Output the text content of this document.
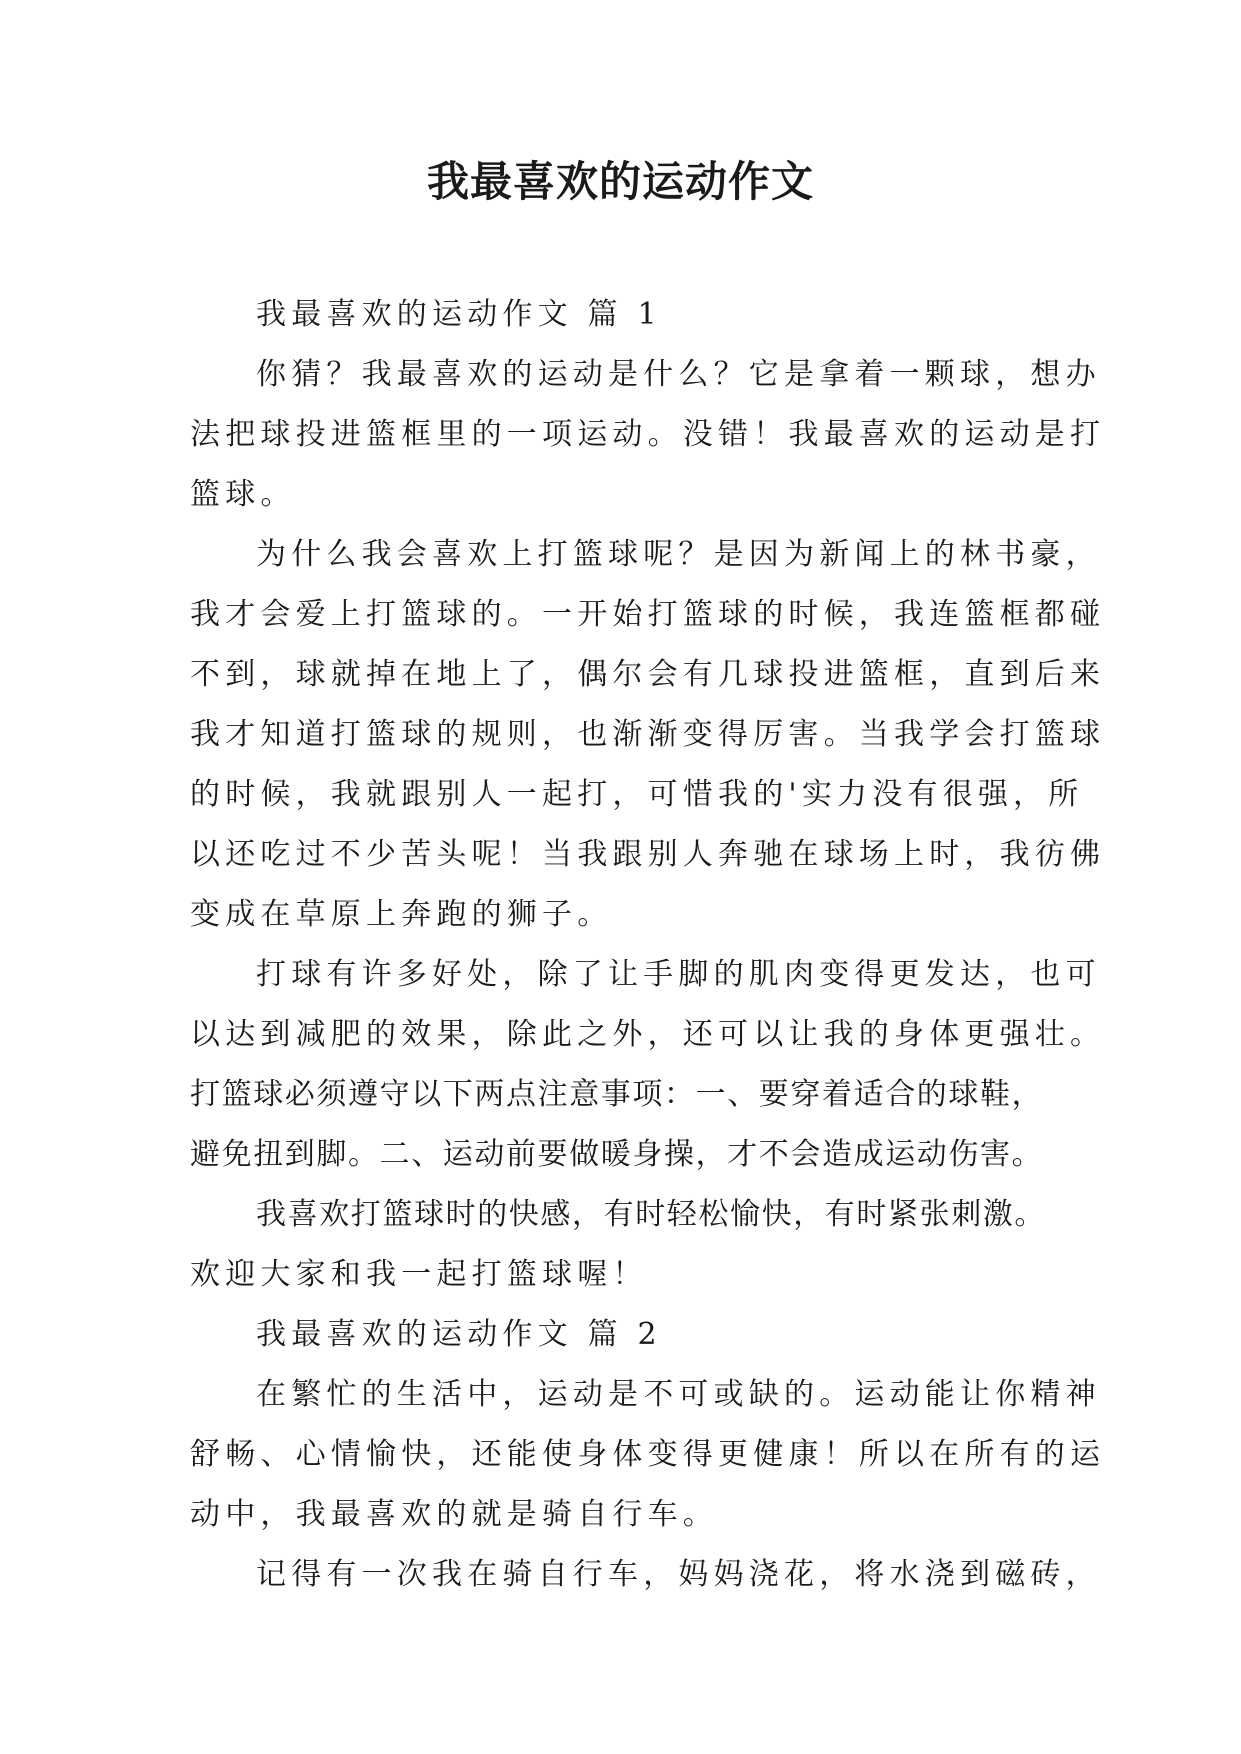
我最喜欢的运动作文
我最喜欢的运动作文 篇 1
你猜？我最喜欢的运动是什么？它是拿着一颗球，想办
法把球投进篮框里的一项运动。没错！我最喜欢的运动是打
篮球。
为什么我会喜欢上打篮球呢？是因为新闻上的林书豪，
我才会爱上打篮球的。一开始打篮球的时候，我连篮框都碰
不到，球就掉在地上了，偶尔会有几球投进篮框，直到后来
我才知道打篮球的规则，也渐渐变得厉害。当我学会打篮球
的时候，我就跟别人一起打，可惜我的'实力没有很强，所
以还吃过不少苦头呢！当我跟别人奔驰在球场上时，我彷佛
变成在草原上奔跑的狮子。
打球有许多好处，除了让手脚的肌肉变得更发达，也可
以达到减肥的效果，除此之外，还可以让我的身体更强壮。
打篮球必须遵守以下两点注意事项：一、要穿着适合的球鞋，
避免扭到脚。二、运动前要做暖身操，才不会造成运动伤害。
我喜欢打篮球时的快感，有时轻松愉快，有时紧张刺激。
欢迎大家和我一起打篮球喔！
我最喜欢的运动作文 篇 2
在繁忙的生活中，运动是不可或缺的。运动能让你精神
舒畅、心情愉快，还能使身体变得更健康！所以在所有的运
动中，我最喜欢的就是骑自行车。
记得有一次我在骑自行车，妈妈浇花，将水浇到磁砖，
